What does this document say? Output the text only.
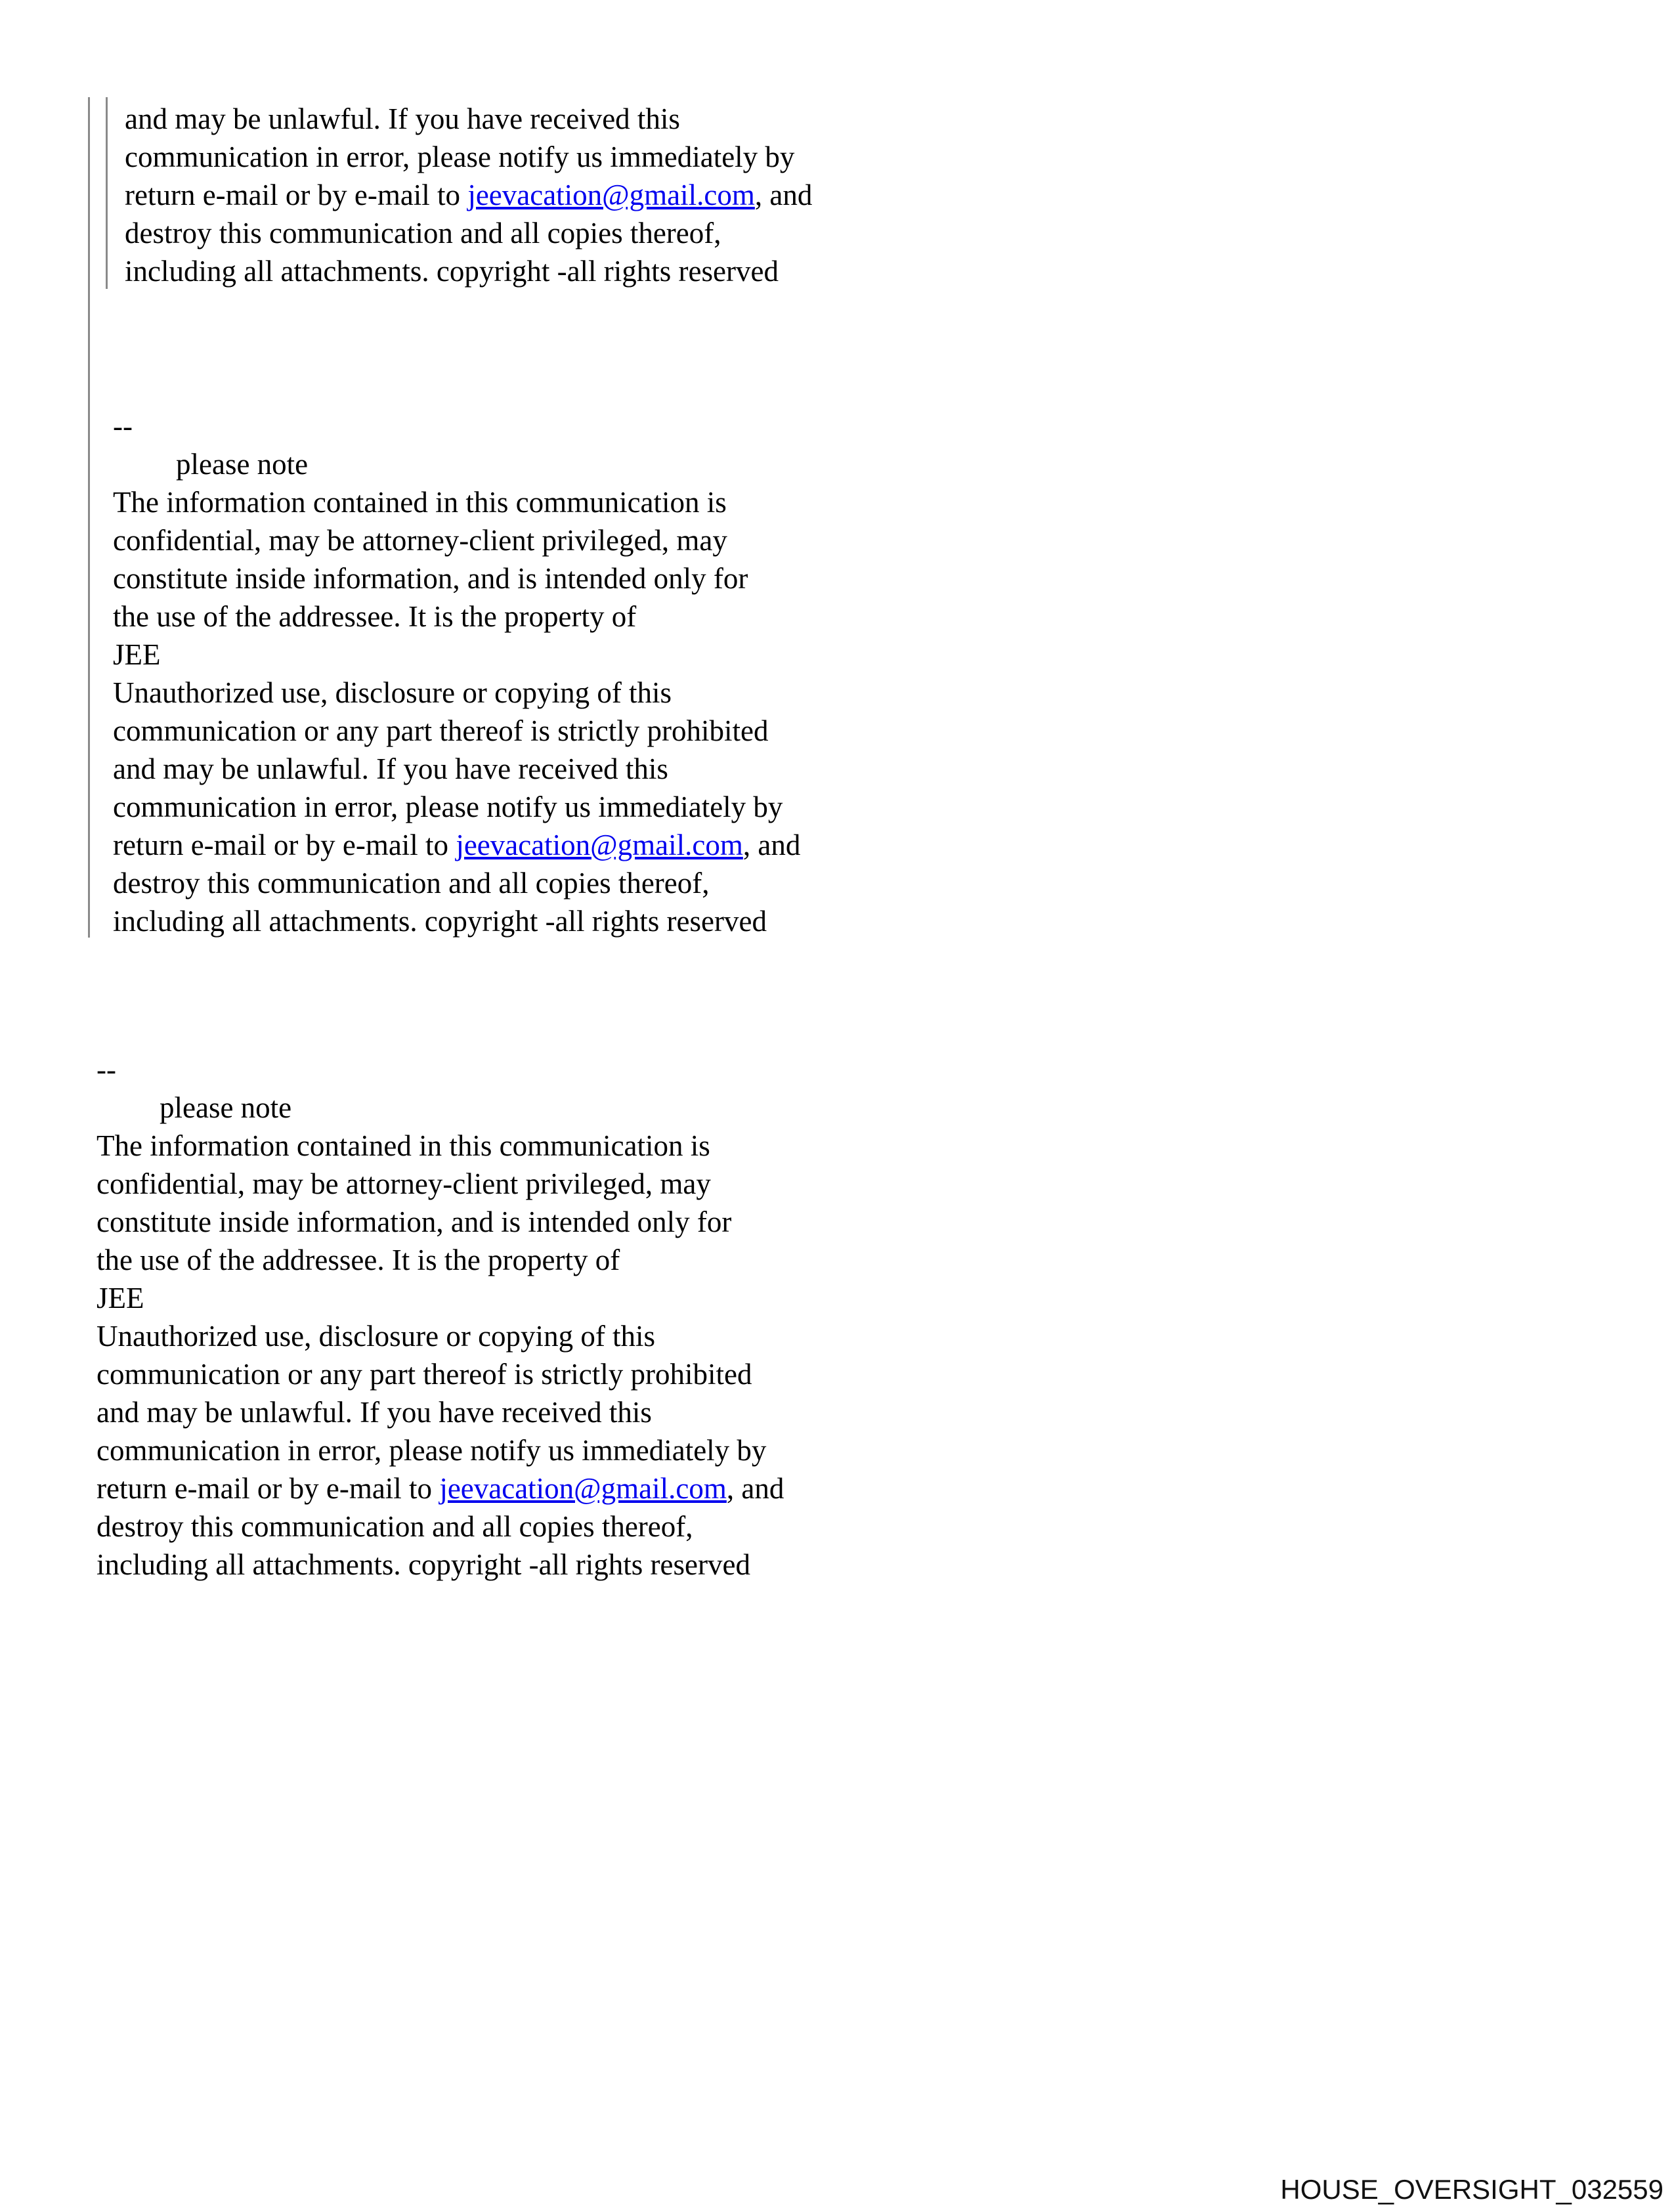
and may be unlawful. If you have received this
communication in error, please notify us immediately by
return e-mail or by e-mail to jeevacation@gmail.com, and
destroy this communication and all copies thereof,
including all attachments. copyright -all rights reserved
--
please note
The information contained in this communication is
confidential, may be attorney-client privileged, may
constitute inside information, and is intended only for
the use of the addressee. It is the property of
JEE
Unauthorized use, disclosure or copying of this
communication or any part thereof is strictly prohibited
and may be unlawful. If you have received this
communication in error, please notify us immediately by
return e-mail or by e-mail to jeevacation@gmail.com, and
destroy this communication and all copies thereof,
including all attachments. copyright -all rights reserved
--
please note
The information contained in this communication is
confidential, may be attorney-client privileged, may
constitute inside information, and is intended only for
the use of the addressee. It is the property of
JEE
Unauthorized use, disclosure or copying of this
communication or any part thereof is strictly prohibited
and may be unlawful. If you have received this
communication in error, please notify us immediately by
return e-mail or by e-mail to jeevacation@gmail.com, and
destroy this communication and all copies thereof,
including all attachments. copyright -all rights reserved
HOUSE_OVERSIGHT_032559
